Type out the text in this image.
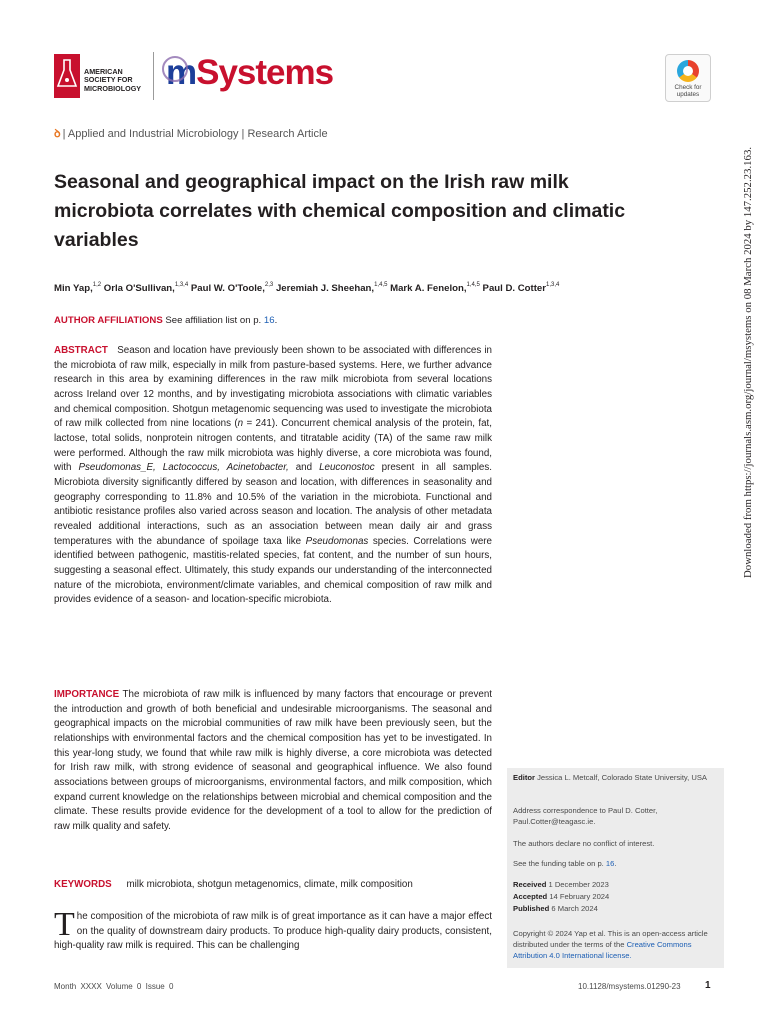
AMERICAN
SOCIETY FOR
MICROBIOLOGY mSystems	Check for
updates
ꝺ | Applied and Industrial Microbiology | Research Article
Seasonal and geographical impact on the Irish raw milk microbiota correlates with chemical composition and climatic variables
Min Yap,$^{1,2}$ Orla O'Sullivan,$^{1,3,4}$ Paul W. O'Toole,$^{2,3}$ Jeremiah J. Sheehan,$^{1,4,5}$ Mark A. Fenelon,$^{1,4,5}$ Paul D. Cotter$^{1,3,4}$
AUTHOR AFFILIATIONS See affiliation list on p. 16.
ABSTRACT Season and location have previously been shown to be associated with differences in the microbiota of raw milk, especially in milk from pasture-based systems. Here, we further advance research in this area by examining differences in the raw milk microbiota from several locations across Ireland over 12 months, and by investigating microbiota associations with climatic variables and chemical composition. Shotgun metagenomic sequencing was used to investigate the microbiota of raw milk collected from nine locations (n = 241). Concurrent chemical analysis of the protein, fat, lactose, total solids, nonprotein nitrogen contents, and titratable acidity (TA) of the same raw milk were performed. Although the raw milk microbiota was highly diverse, a core microbiota was found, with Pseudomonas_E, Lactococcus, Acinetobacter, and Leuconostoc present in all samples. Microbiota diversity significantly differed by season and location, with differences in seasonality and geography corresponding to 11.8% and 10.5% of the variation in the microbiota. Functional and antibiotic resistance profiles also varied across season and location. The analysis of other metadata revealed additional interactions, such as an association between mean daily air and grass temperatures with the abundance of spoilage taxa like Pseudomonas species. Correlations were identified between pathogenic, mastitis-related species, fat content, and the number of sun hours, suggesting a seasonal effect. Ultimately, this study expands our understanding of the interconnected nature of the microbiota, environment/climate variables, and chemical composition of raw milk and provides evidence of a season- and location-specific microbiota.
IMPORTANCE The microbiota of raw milk is influenced by many factors that encourage or prevent the introduction and growth of both beneficial and undesirable microorganisms. The seasonal and geographical impacts on the microbial communities of raw milk have been previously seen, but the relationships with environmental factors and the chemical composition has yet to be investigated. In this year-long study, we found that while raw milk is highly diverse, a core microbiota was detected for Irish raw milk, with strong evidence of seasonal and geographical influence. We also found associations between groups of microorganisms, environmental factors, and milk composition, which expand current knowledge on the relationships between microbial and chemical composition and the climate. These results provide evidence for the development of a tool to allow for the prediction of raw milk quality and safety.
KEYWORDS milk microbiota, shotgun metagenomics, climate, milk composition
The composition of the microbiota of raw milk is of great importance as it can have a major effect on the quality of downstream dairy products. To produce high-quality dairy products, consistent, high-quality raw milk is required. This can be challenging
Editor Jessica L. Metcalf, Colorado State University, USA
Address correspondence to Paul D. Cotter, Paul.Cotter@teagasc.ie.
The authors declare no conflict of interest.
See the funding table on p. 16.
Received 1 December 2023
Accepted 14 February 2024
Published 6 March 2024
Copyright © 2024 Yap et al. This is an open-access article distributed under the terms of the Creative Commons Attribution 4.0 International license.
Month XXXX Volume 0 Issue 0	10.1128/msystems.01290-23 1
Downloaded from https://journals.asm.org/journal/msystems on 08 March 2024 by 147.252.23.163.
